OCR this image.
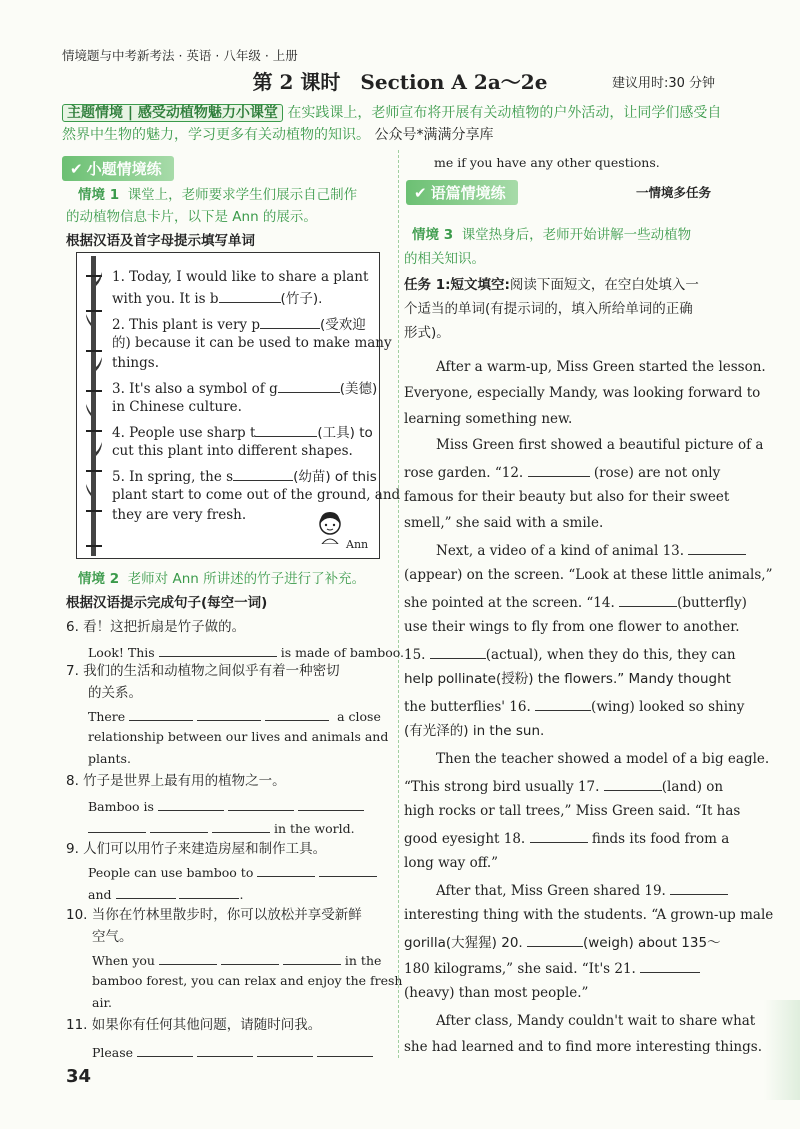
情境题与中考新考法 · 英语 · 八年级 · 上册
第 2 课时　Section A 2a～2e	建议用时:30 分钟
主题情境 | 感受动植物魅力小课堂 在实践课上，老师宣布将开展有关动植物的户外活动，让同学们感受自然界中生物的魅力，学习更多有关动植物的知识。 公众号*满满分享库
✔ 小题情境练
情境 1 课堂上，老师要求学生们展示自己制作
的动植物信息卡片，以下是 Ann 的展示。
根据汉语及首字母提示填写单词
1. Today, I would like to share a plant
with you. It is b	(竹子).
2. This plant is very p	(受欢迎
的) because it can be used to make many
things.
3. It's also a symbol of g	(美德)
in Chinese culture.
4. People use sharp t	(工具) to
cut this plant into different shapes.
5. In spring, the s	(幼苗) of this
plant start to come out of the ground, and
they are very fresh.
Ann
情境 2 老师对 Ann 所讲述的竹子进行了补充。
根据汉语提示完成句子(每空一词)
6. 看！这把折扇是竹子做的。
Look! This	is made of bamboo.
7. 我们的生活和动植物之间似乎有着一种密切
的关系。
There	a close
relationship between our lives and animals and
plants.
8. 竹子是世界上最有用的植物之一。
Bamboo is
in the world.
9. 人们可以用竹子来建造房屋和制作工具。
People can use bamboo to
and	.
10. 当你在竹林里散步时，你可以放松并享受新鲜
空气。
When you	in the
bamboo forest, you can relax and enjoy the fresh
air.
11. 如果你有任何其他问题，请随时问我。
Please
34
me if you have any other questions.
✔ 语篇情境练	一情境多任务
情境 3 课堂热身后，老师开始讲解一些动植物
的相关知识。
任务 1:短文填空:阅读下面短文，在空白处填入一
个适当的单词(有提示词的，填入所给单词的正确
形式)。
After a warm-up, Miss Green started the lesson.
Everyone, especially Mandy, was looking forward to
learning something new.
Miss Green first showed a beautiful picture of a
rose garden. “12.	(rose) are not only
famous for their beauty but also for their sweet
smell,” she said with a smile.
Next, a video of a kind of animal 13.
(appear) on the screen. “Look at these little animals,”
she pointed at the screen. “14.	(butterfly)
use their wings to fly from one flower to another.
15.	(actual), when they do this, they can
help pollinate(授粉) the flowers.” Mandy thought
the butterflies' 16.	(wing) looked so shiny
(有光泽的) in the sun.
Then the teacher showed a model of a big eagle.
“This strong bird usually 17.	(land) on
high rocks or tall trees,” Miss Green said. “It has
good eyesight 18.	finds its food from a
long way off.”
After that, Miss Green shared 19.
interesting thing with the students. “A grown-up male
gorilla(大猩猩) 20.	(weigh) about 135～
180 kilograms,” she said. “It's 21.
(heavy) than most people.”
After class, Mandy couldn't wait to share what
she had learned and to find more interesting things.
